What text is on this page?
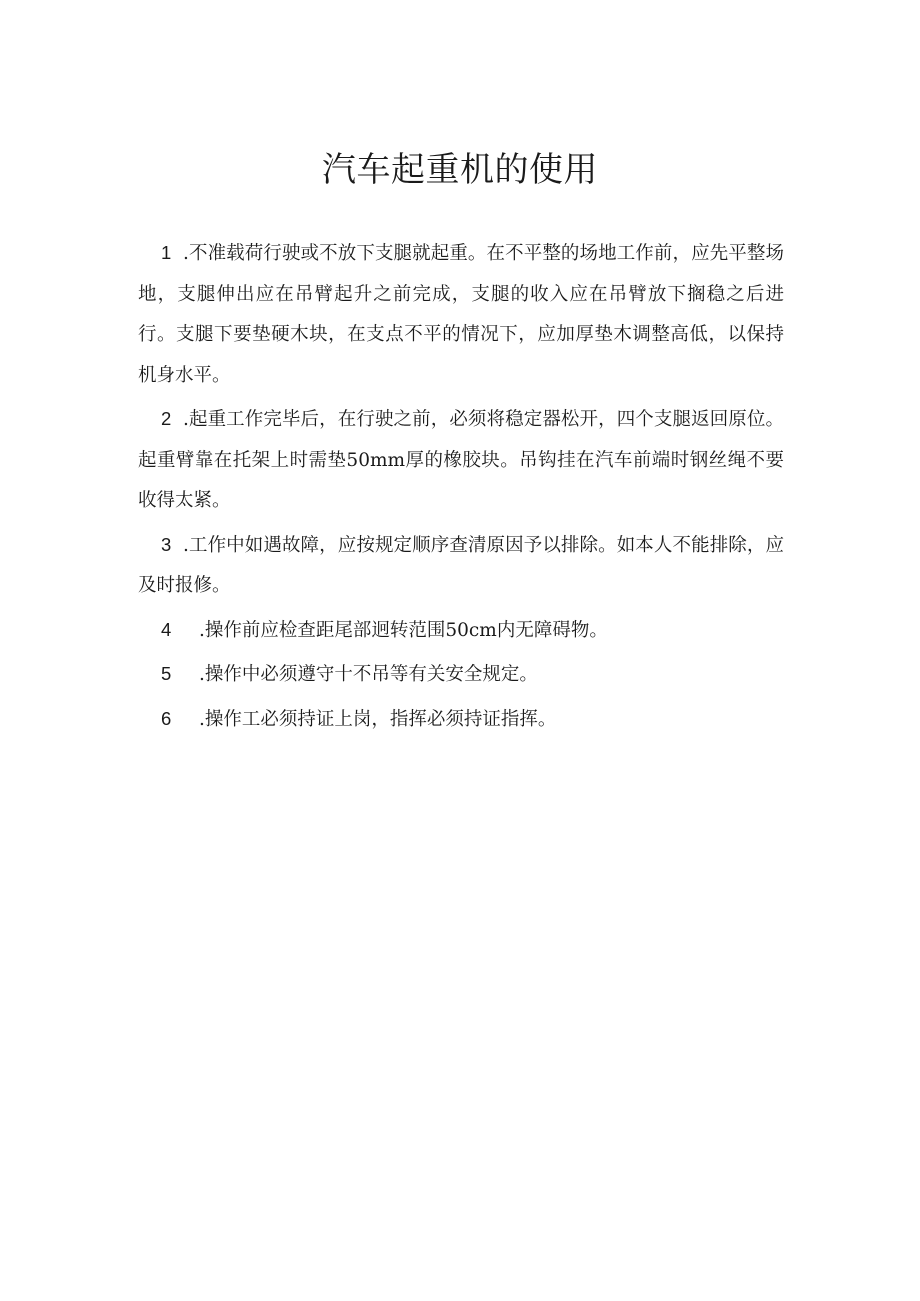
汽车起重机的使用

1 .不准载荷行驶或不放下支腿就起重。在不平整的场地工作前，应先平整场地，支腿伸出应在吊臂起升之前完成，支腿的收入应在吊臂放下搁稳之后进行。支腿下要垫硬木块，在支点不平的情况下，应加厚垫木调整高低，以保持机身水平。

2 .起重工作完毕后，在行驶之前，必须将稳定器松开，四个支腿返回原位。起重臂靠在托架上时需垫50mm厚的橡胶块。吊钩挂在汽车前端时钢丝绳不要收得太紧。

3 .工作中如遇故障，应按规定顺序查清原因予以排除。如本人不能排除，应及时报修。

4 .操作前应检查距尾部迥转范围50cm内无障碍物。

5 .操作中必须遵守十不吊等有关安全规定。

6 .操作工必须持证上岗，指挥必须持证指挥。
